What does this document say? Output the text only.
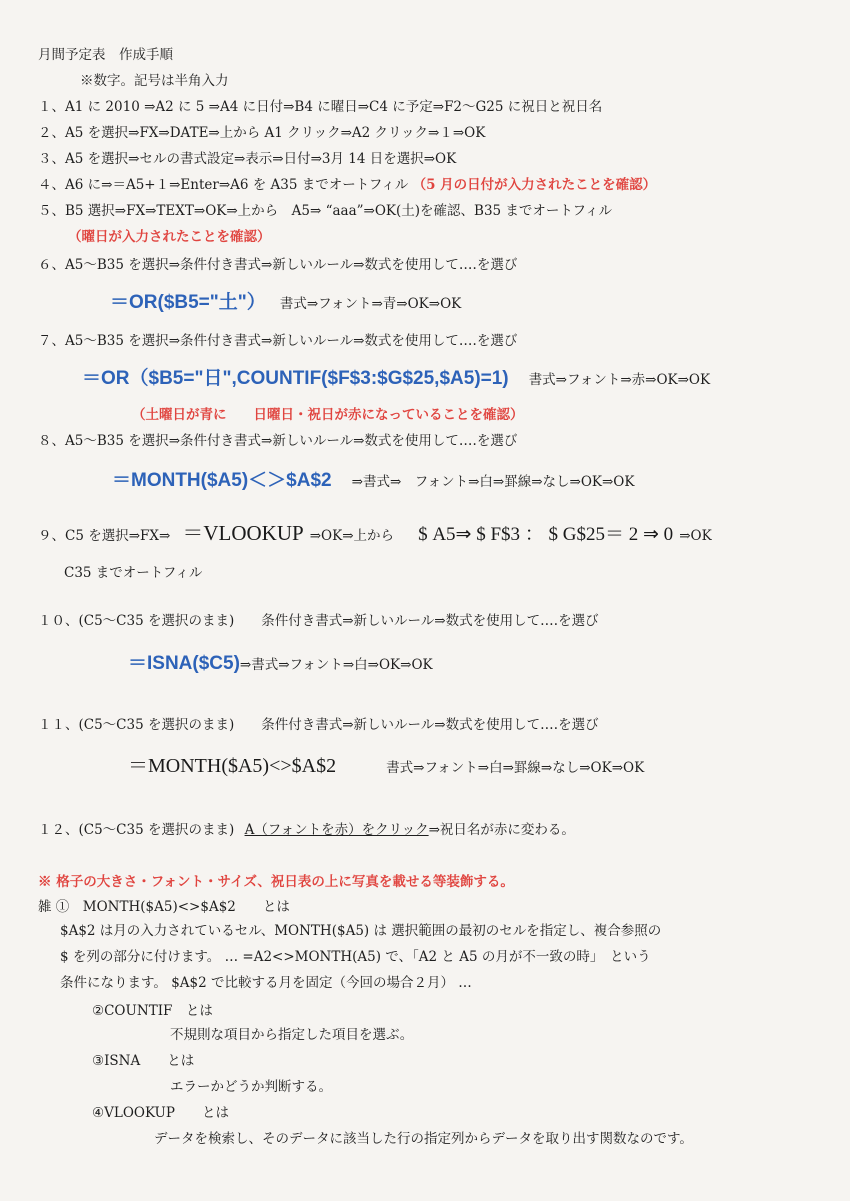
月間予定表　作成手順
※数字。記号は半角入力
１、A1 に 2010 ⇒A2 に 5 ⇒A4 に日付⇒B4 に曜日⇒C4 に予定⇒F2～G25 に祝日と祝日名
２、A5 を選択⇒FX⇒DATE⇒上から A1 クリック⇒A2 クリック⇒１⇒OK
３、A5 を選択⇒セルの書式設定⇒表示⇒日付⇒3月 14 日を選択⇒OK
４、A6 に⇒＝A5+１⇒Enter⇒A6 を A35 までオートフィル （5 月の日付が入力されたことを確認）
５、B5 選択⇒FX⇒TEXT⇒OK⇒上から　A5⇒ “aaa”⇒OK(土)を確認、B35 までオートフィル
（曜日が入力されたことを確認）
６、A5～B35 を選択⇒条件付き書式⇒新しいルール⇒数式を使用して‥‥を選び
＝OR($B5="土"） 書式⇒フォント⇒青⇒OK⇒OK
７、A5～B35 を選択⇒条件付き書式⇒新しいルール⇒数式を使用して‥‥を選び
＝OR（$B5="日",COUNTIF($F$3:$G$25,$A5)=1) 書式⇒フォント⇒赤⇒OK⇒OK
（土曜日が青に　　日曜日・祝日が赤になっていることを確認）
８、A5～B35 を選択⇒条件付き書式⇒新しいルール⇒数式を使用して‥‥を選び
＝MONTH($A5)＜＞$A$2 ⇒書式⇒　フォント⇒白⇒罫線⇒なし⇒OK⇒OK
９、C5 を選択⇒FX⇒ ＝VLOOKUP ⇒OK⇒上から $ A5⇒ $ F$3 ： $ G$25＝ 2 ⇒ 0 ⇒OK
C35 までオートフィル
１０、(C5～C35 を選択のまま)　　条件付き書式⇒新しいルール⇒数式を使用して‥‥を選び
＝ISNA($C5)⇒書式⇒フォント⇒白⇒OK⇒OK
１１、(C5～C35 を選択のまま)　　条件付き書式⇒新しいルール⇒数式を使用して‥‥を選び
＝MONTH($A5)<>$A$2	書式⇒フォント⇒白⇒罫線⇒なし⇒OK⇒OK
１２、(C5～C35 を選択のまま) A（フォントを赤）をクリック⇒祝日名が赤に変わる。
※ 格子の大きさ・フォント・サイズ、祝日表の上に写真を載せる等装飾する。
雑 ①　MONTH($A5)<>$A$2　　とは
$A$2 は月の入力されているセル、MONTH($A5) は 選択範囲の最初のセルを指定し、複合参照の
$ を列の部分に付けます。 … =A2<>MONTH(A5) で、「A2 と A5 の月が不一致の時」　という
条件になります。 $A$2 で比較する月を固定（今回の場合２月） …
②COUNTIF　とは
不規則な項目から指定した項目を選ぶ。
③ISNA　　とは
エラーかどうか判断する。
④VLOOKUP　　とは
データを検索し、そのデータに該当した行の指定列からデータを取り出す関数なのです。
